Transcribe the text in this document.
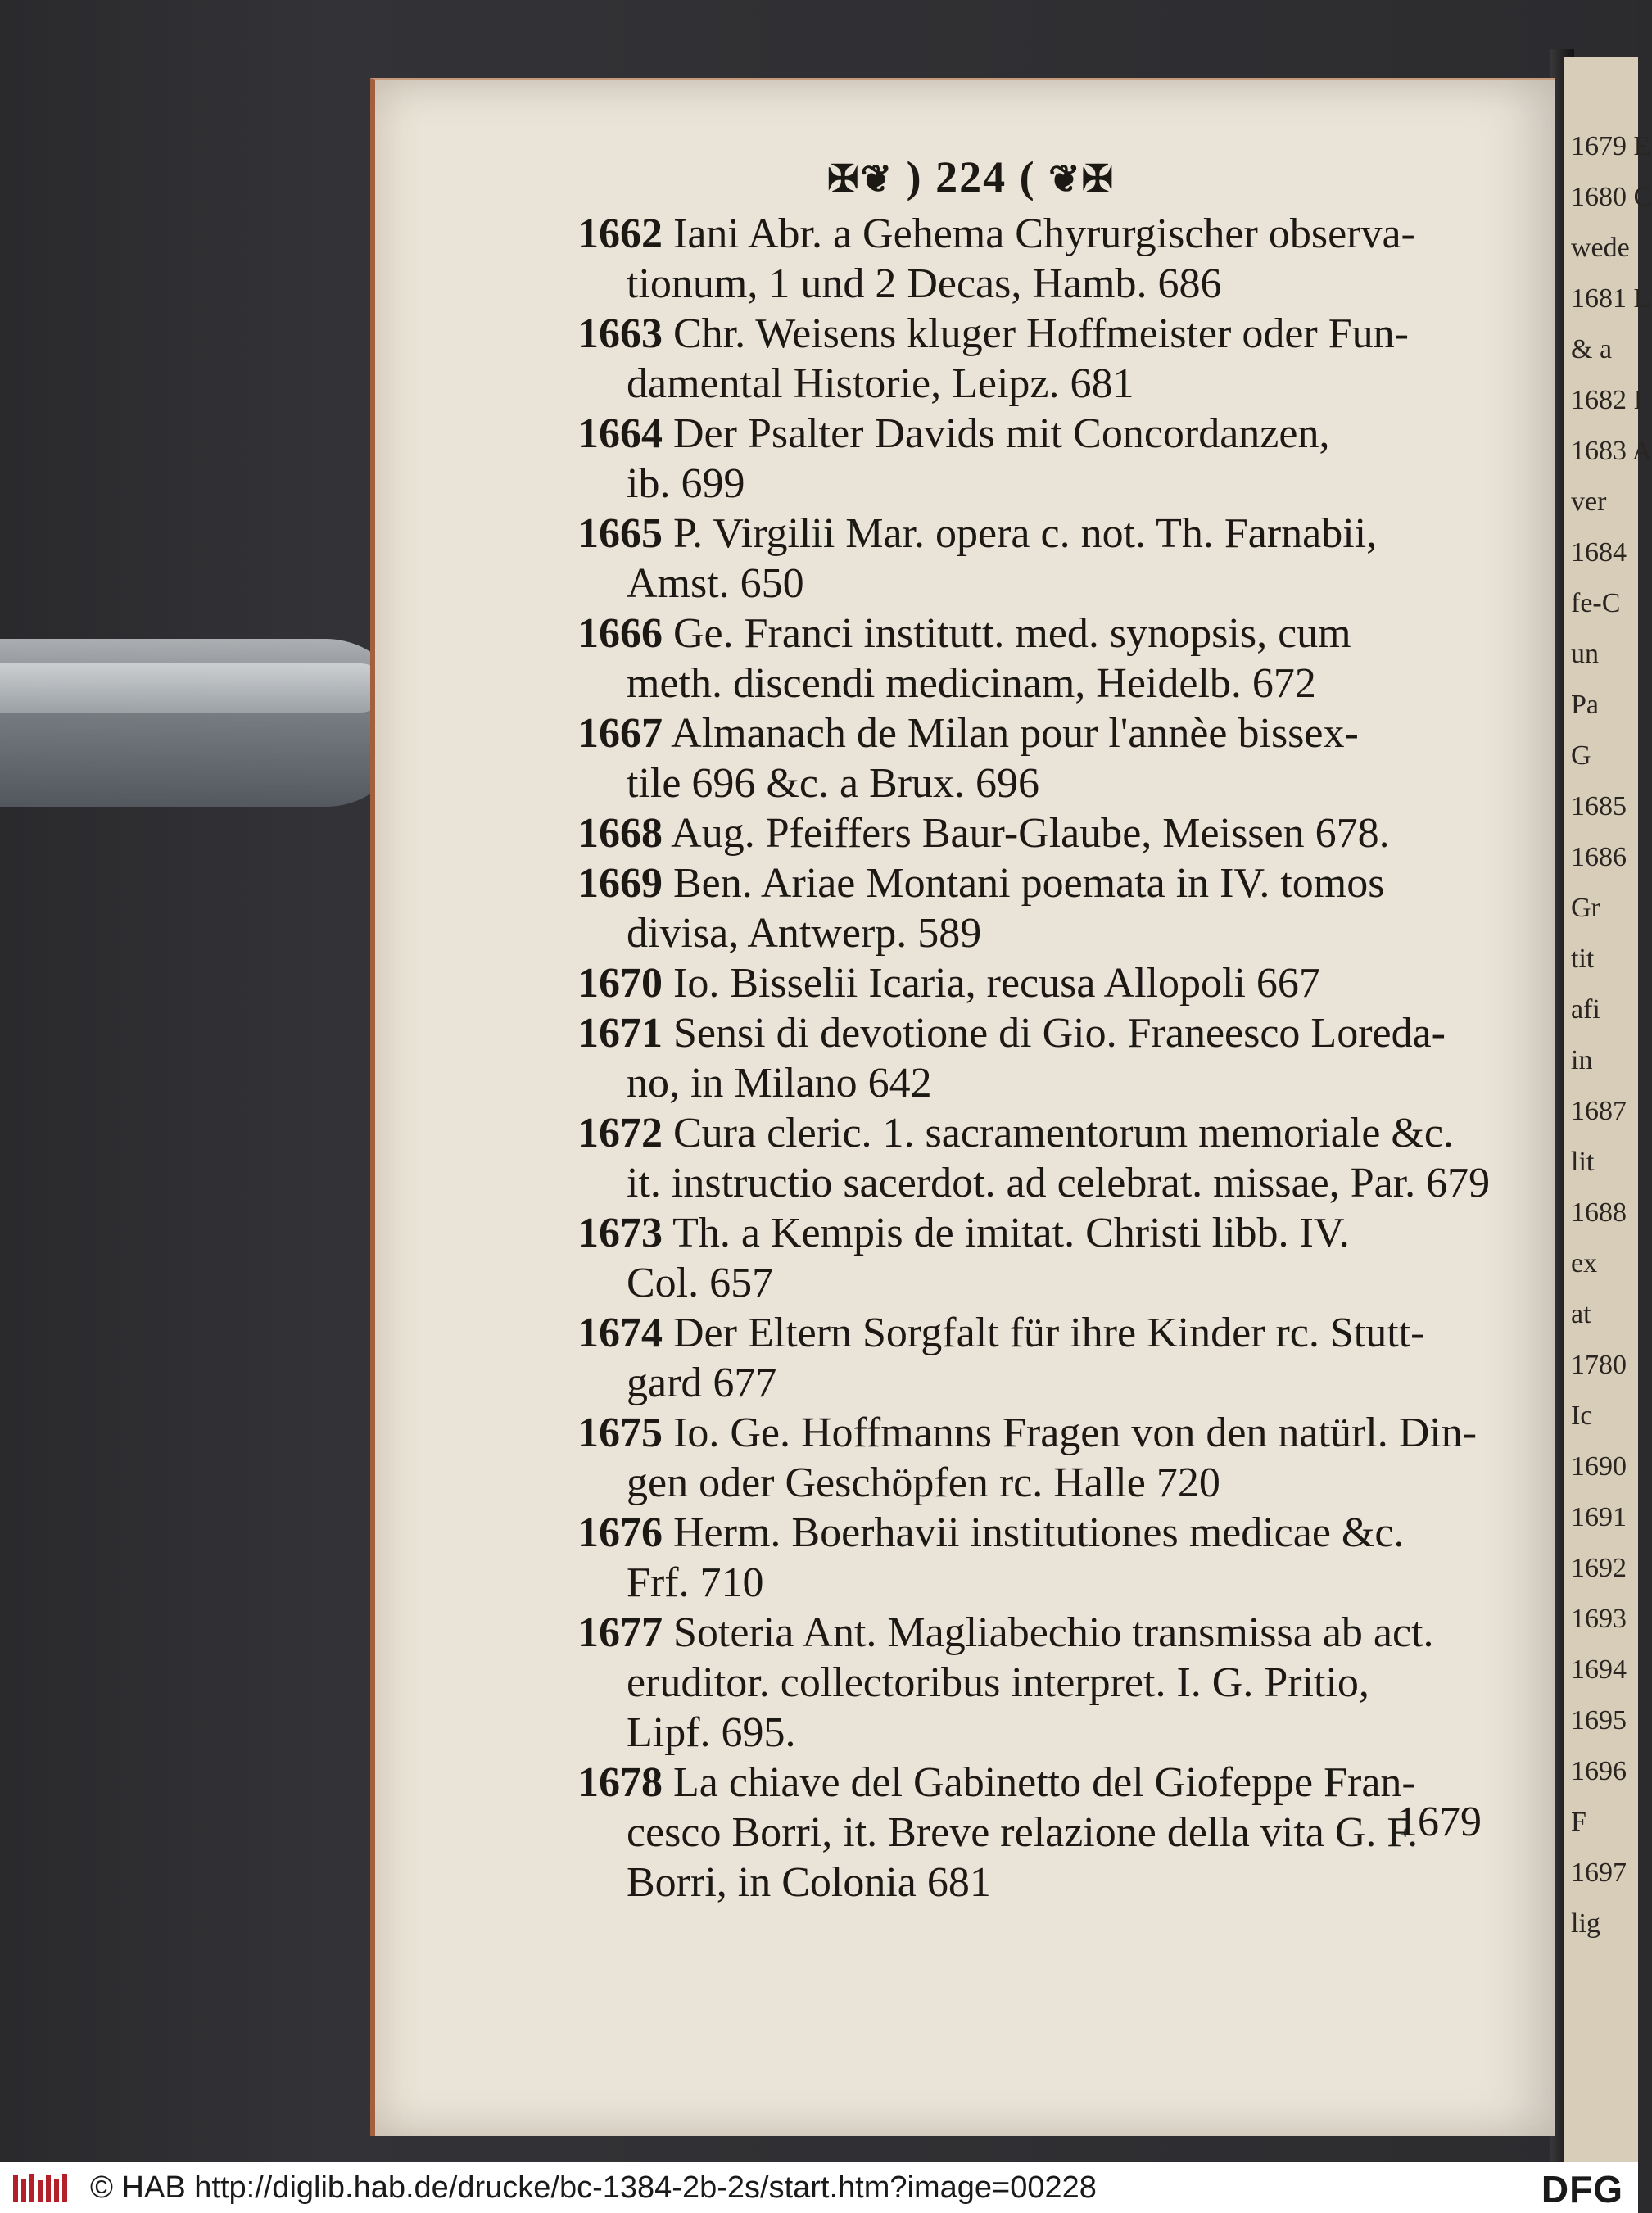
1679 E
1680 C
wede
1681 L
& a
1682 I
1683 A
ver
1684
fe-C
un
Pa
G
1685
1686
Gr
tit
afi
in
1687
lit
1688
ex
at
1780
Ic
1690
1691
1692
1693
1694
1695
1696
F
1697
lig
✠❦ ) 224 ( ❦✠
1662 Iani Abr. a Gehema Chyrurgischer observa-
tionum, 1 und 2 Decas, Hamb. 686
1663 Chr. Weisens kluger Hoffmeister oder Fun-
damental Historie, Leipz. 681
1664 Der Psalter Davids mit Concordanzen,
ib. 699
1665 P. Virgilii Mar. opera c. not. Th. Farnabii,
Amst. 650
1666 Ge. Franci institutt. med. synopsis, cum
meth. discendi medicinam, Heidelb. 672
1667 Almanach de Milan pour l'annèe bissex-
tile 696 &c. a Brux. 696
1668 Aug. Pfeiffers Baur-Glaube, Meissen 678.
1669 Ben. Ariae Montani poemata in IV. tomos
divisa, Antwerp. 589
1670 Io. Bisselii Icaria, recusa Allopoli 667
1671 Sensi di devotione di Gio. Franeesco Loreda-
no, in Milano 642
1672 Cura cleric. 1. sacramentorum memoriale &c.
it. instructio sacerdot. ad celebrat. missae, Par. 679
1673 Th. a Kempis de imitat. Christi libb. IV.
Col. 657
1674 Der Eltern Sorgfalt für ihre Kinder rc. Stutt-
gard 677
1675 Io. Ge. Hoffmanns Fragen von den natürl. Din-
gen oder Geschöpfen rc. Halle 720
1676 Herm. Boerhavii institutiones medicae &c.
Frf. 710
1677 Soteria Ant. Magliabechio transmissa ab act.
eruditor. collectoribus interpret. I. G. Pritio,
Lipf. 695.
1678 La chiave del Gabinetto del Giofeppe Fran-
cesco Borri, it. Breve relazione della vita G. F.
Borri, in Colonia 681
1679
© HAB http://diglib.hab.de/drucke/bc-1384-2b-2s/start.htm?image=00228	DFG
